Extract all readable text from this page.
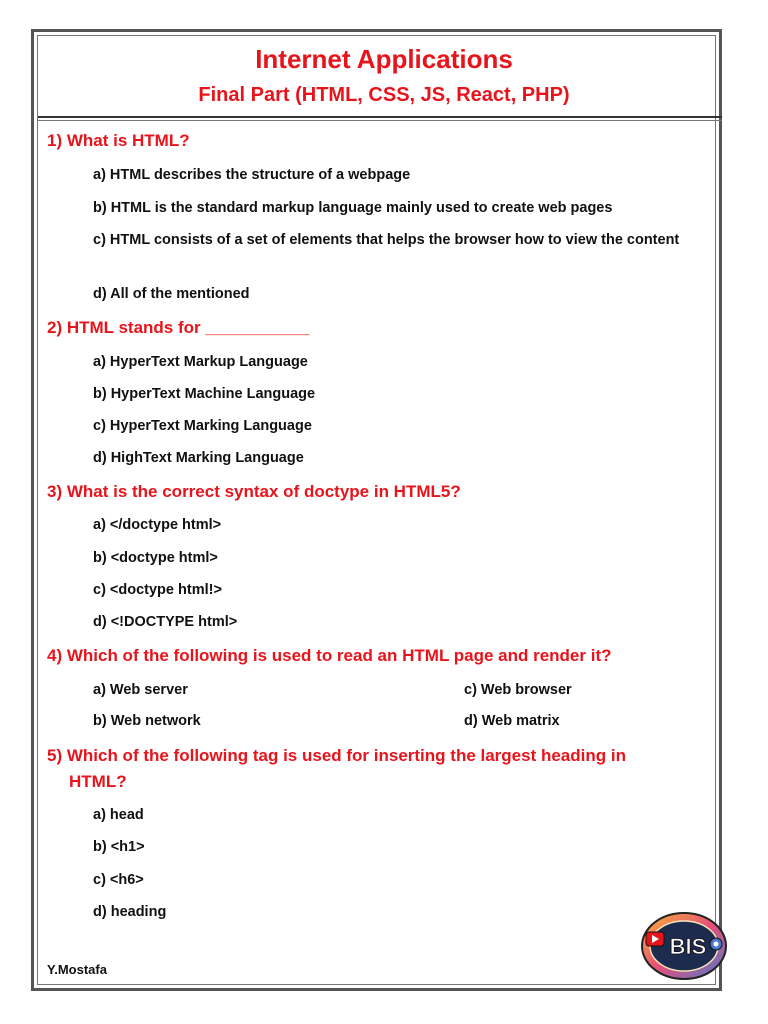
Internet Applications
Final Part (HTML, CSS, JS, React, PHP)

1) What is HTML?

a) HTML describes the structure of a webpage

b) HTML is the standard markup language mainly used to create web pages

c) HTML consists of a set of elements that helps the browser how to view the content

d) All of the mentioned

2) HTML stands for ___________

a) HyperText Markup Language

b) HyperText Machine Language

c) HyperText Marking Language

d) HighText Marking Language

3) What is the correct syntax of doctype in HTML5?

a) </doctype html>

b) <doctype html>

c) <doctype html!>

d) <!DOCTYPE html>

4) Which of the following is used to read an HTML page and render it?

a) Web server

b) Web network

c) Web browser

d) Web matrix

5) Which of the following tag is used for inserting the largest heading in HTML?

a) head

b) <h1>

c) <h6>

d) heading

Y.Mostafa
BIS
